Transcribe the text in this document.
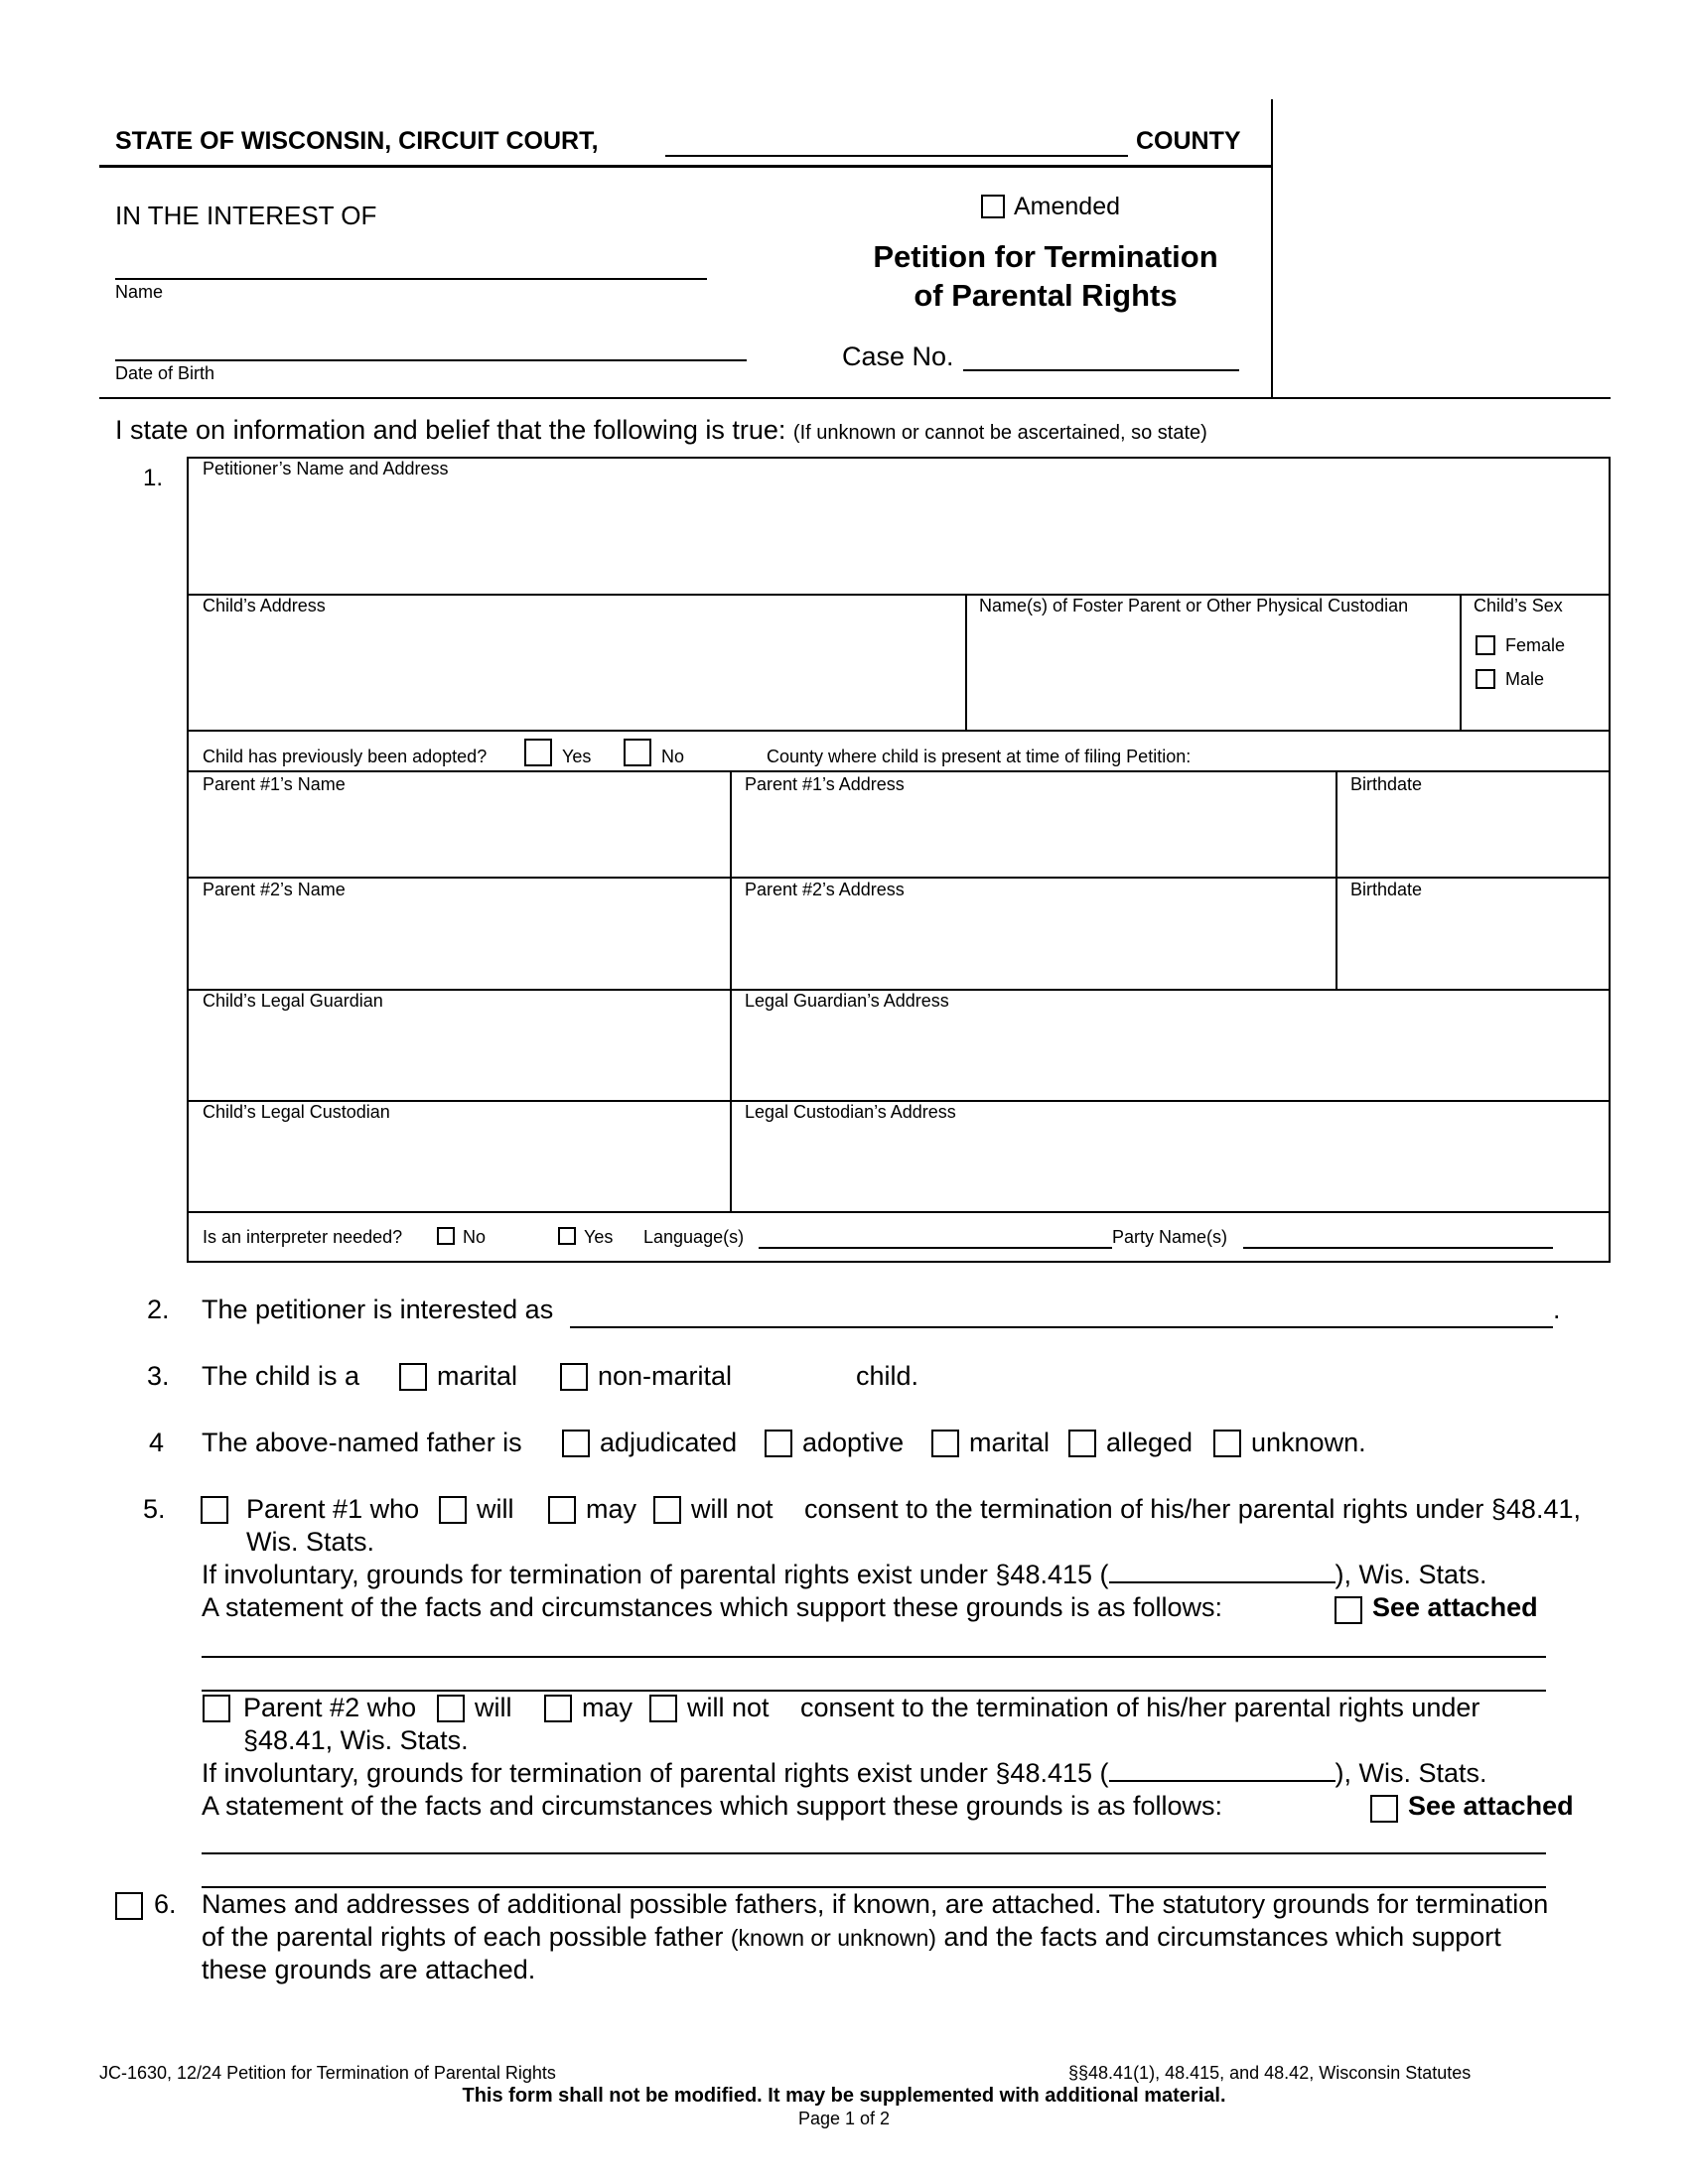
STATE OF WISCONSIN, CIRCUIT COURT,	COUNTY
IN THE INTEREST OF
Name
Date of Birth
Amended
Petition for Termination
of Parental Rights
Case No.
I state on information and belief that the following is true: (If unknown or cannot be ascertained, so state)
1. Petitioner’s Name and Address
Child’s Address	Name(s) of Foster Parent or Other Physical Custodian	Child’s Sex
Female
Male
Child has previously been adopted?	Yes	No	County where child is present at time of filing Petition:
Parent #1’s Name	Parent #1’s Address	Birthdate
Parent #2’s Name	Parent #2’s Address	Birthdate
Child’s Legal Guardian	Legal Guardian’s Address
Child’s Legal Custodian	Legal Custodian’s Address
Is an interpreter needed?	No	Yes Language(s)	Party Name(s)
2. The petitioner is interested as	.
3. The child is a	marital	non-marital	child.
4 The above-named father is	adjudicated adoptive marital alleged unknown.
5.	Parent #1 who will	may will not consent to the termination of his/her parental rights under §48.41,
Wis. Stats.
If involuntary, grounds for termination of parental rights exist under §48.415 (	), Wis. Stats.
A statement of the facts and circumstances which support these grounds is as follows:	See attached
Parent #2 who will	may will not consent to the termination of his/her parental rights under
§48.41, Wis. Stats.
If involuntary, grounds for termination of parental rights exist under §48.415 (	), Wis. Stats.
A statement of the facts and circumstances which support these grounds is as follows:	See attached
6. Names and addresses of additional possible fathers, if known, are attached. The statutory grounds for termination
of the parental rights of each possible father (known or unknown) and the facts and circumstances which support
these grounds are attached.
JC-1630, 12/24 Petition for Termination of Parental Rights	§§48.41(1), 48.415, and 48.42, Wisconsin Statutes
This form shall not be modified. It may be supplemented with additional material.
Page 1 of 2
